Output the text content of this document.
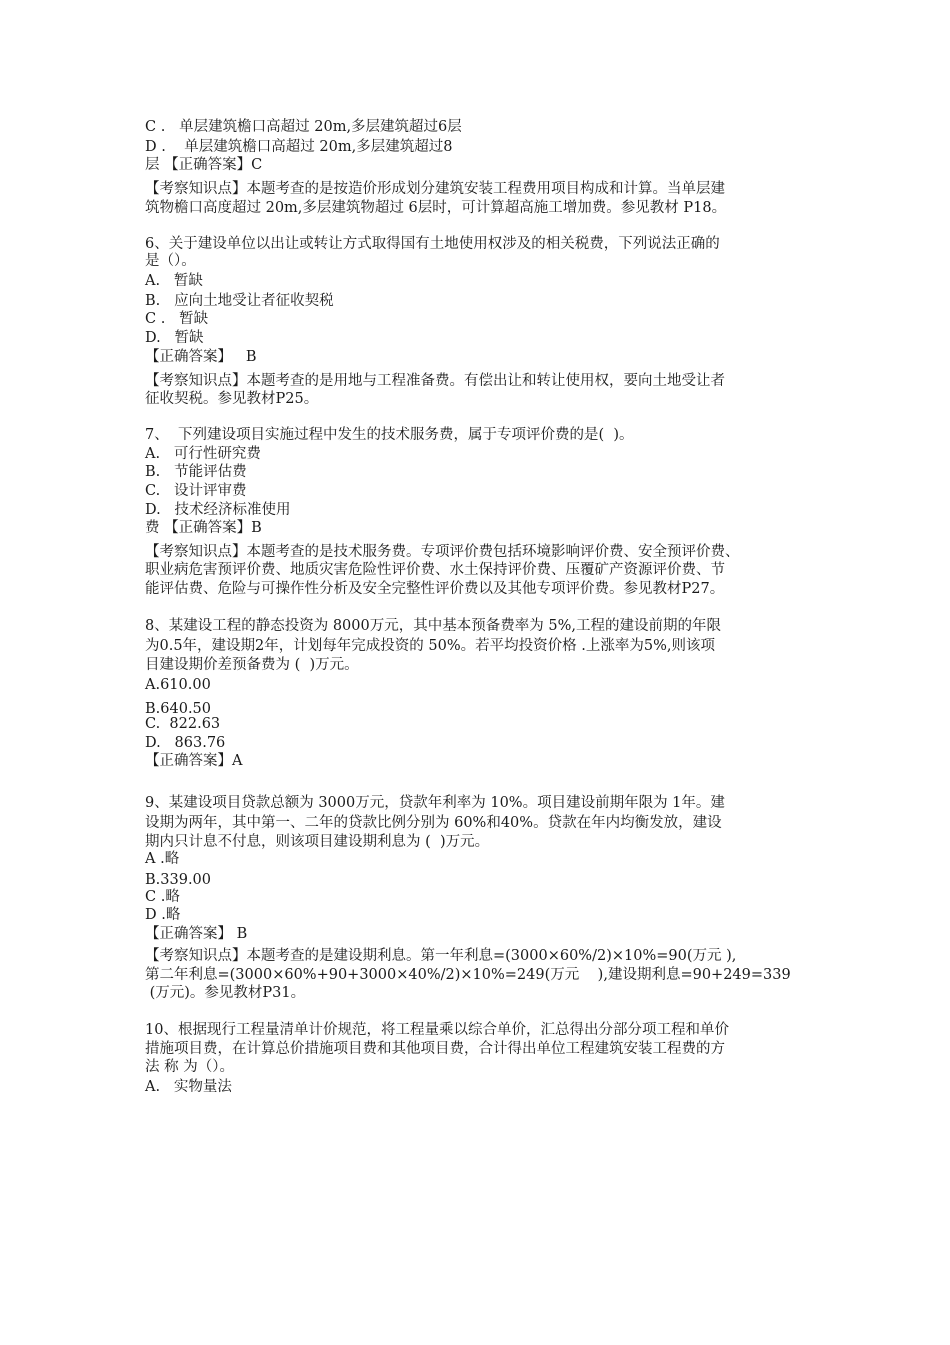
C .   单层建筑檐口高超过 20m,多层建筑超过6层
D .    单层建筑檐口高超过 20m,多层建筑超过8
层 【正确答案】C
【考察知识点】本题考查的是按造价形成划分建筑安装工程费用项目构成和计算。当单层建
筑物檐口高度超过 20m,多层建筑物超过 6层时，可计算超高施工增加费。参见教材 P18。
6、关于建设单位以出让或转让方式取得国有土地使用权涉及的相关税费，下列说法正确的
是（）。
A.   暂缺
B.   应向土地受让者征收契税
C .   暂缺
D.   暂缺
【正确答案】   B
【考察知识点】本题考查的是用地与工程准备费。有偿出让和转让使用权，要向土地受让者
征收契税。参见教材P25。
7、  下列建设项目实施过程中发生的技术服务费，属于专项评价费的是(  )。
A.   可行性研究费
B.   节能评估费
C.   设计评审费
D.   技术经济标准使用
费 【正确答案】B
【考察知识点】本题考查的是技术服务费。专项评价费包括环境影响评价费、安全预评价费、
职业病危害预评价费、地质灾害危险性评价费、水土保持评价费、压覆矿产资源评价费、节
能评估费、危险与可操作性分析及安全完整性评价费以及其他专项评价费。参见教材P27。
8、某建设工程的静态投资为 8000万元，其中基本预备费率为 5%,工程的建设前期的年限
为0.5年，建设期2年，计划每年完成投资的 50%。若平均投资价格 .上涨率为5%,则该项
目建设期价差预备费为 (  )万元。
A.610.00
B.640.50
C.  822.63
D.   863.76
【正确答案】A
9、某建设项目贷款总额为 3000万元，贷款年利率为 10%。项目建设前期年限为 1年。建
设期为两年，其中第一、二年的贷款比例分别为 60%和40%。贷款在年内均衡发放，建设
期内只计息不付息，则该项目建设期利息为 (  )万元。
A .略
B.339.00
C .略
D .略
【正确答案】 B
【考察知识点】本题考查的是建设期利息。第一年利息=(3000×60%/2)×10%=90(万元 ),
第二年利息=(3000×60%+90+3000×40%/2)×10%=249(万元    ),建设期利息=90+249=339
(万元)。参见教材P31。
10、根据现行工程量清单计价规范，将工程量乘以综合单价，汇总得出分部分项工程和单价
措施项目费，在计算总价措施项目费和其他项目费，合计得出单位工程建筑安装工程费的方
法 称 为（）。
A.   实物量法
